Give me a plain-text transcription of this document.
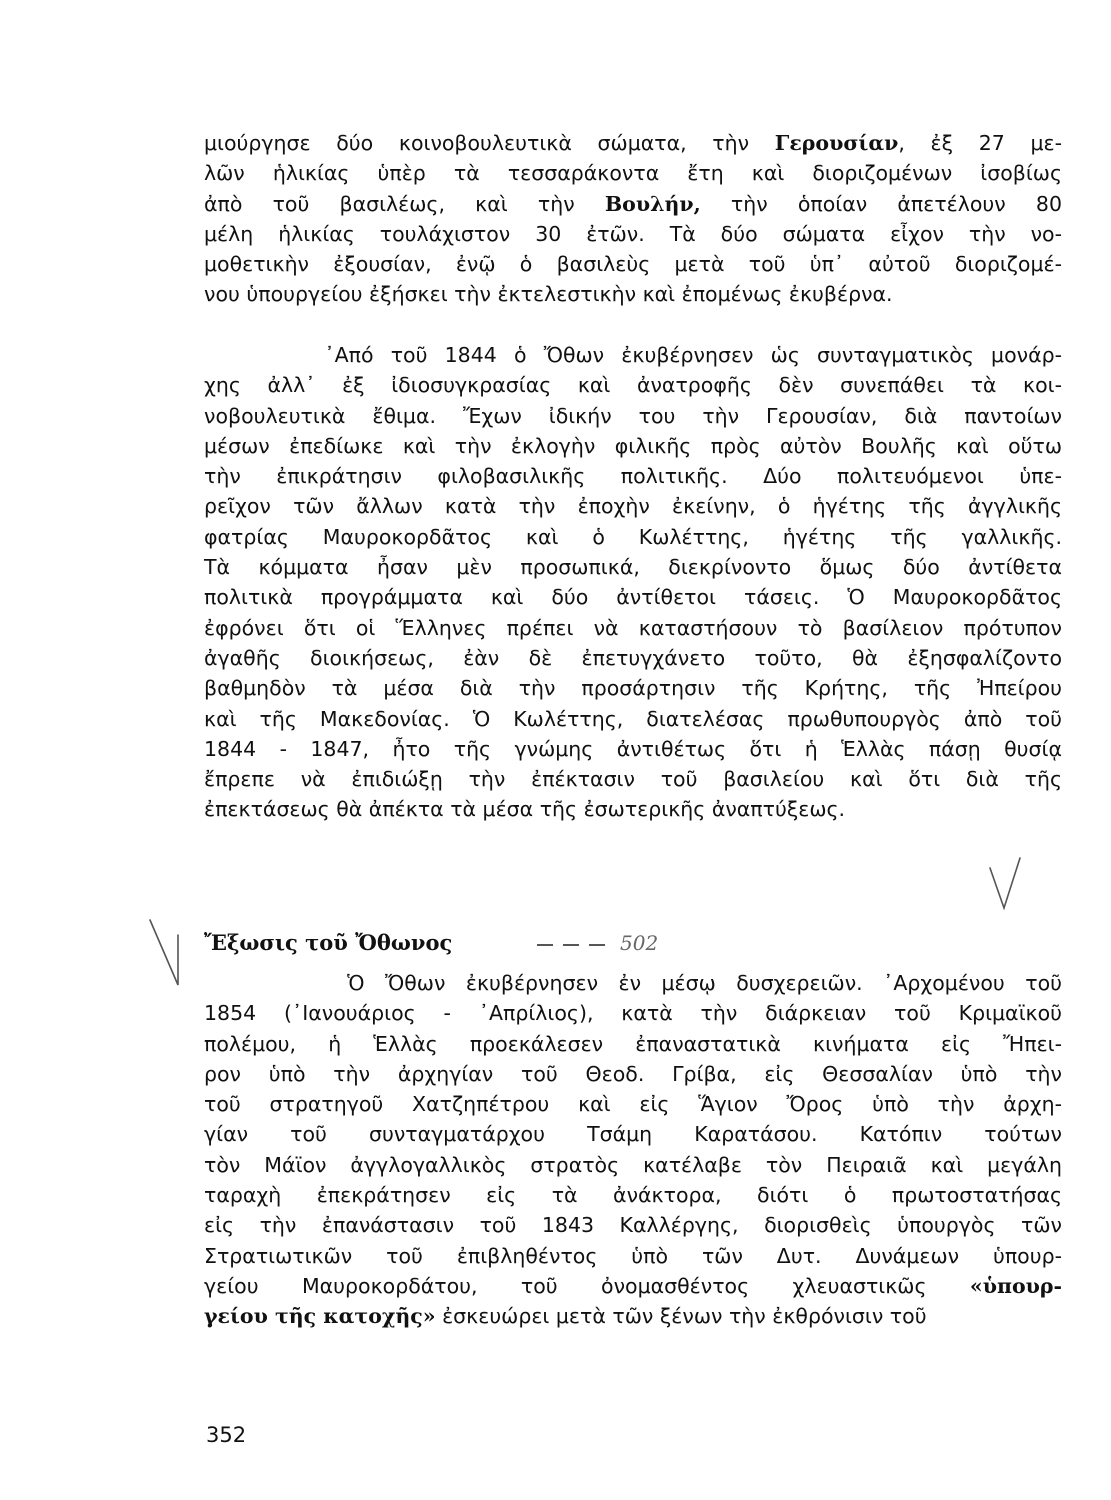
μιούργησε δύο κοινοβουλευτικὰ σώματα, τὴν Γερουσίαν, ἐξ 27 με-
λῶν ἡλικίας ὑπὲρ τὰ τεσσαράκοντα ἔτη καὶ διοριζομένων ἰσοβίως
ἀπὸ τοῦ βασιλέως, καὶ τὴν Βουλήν, τὴν ὁποίαν ἀπετέλουν 80
μέλη ἡλικίας τουλάχιστον 30 ἐτῶν. Τὰ δύο σώματα εἶχον τὴν νο-
μοθετικὴν ἐξουσίαν, ἐνῷ ὁ βασιλεὺς μετὰ τοῦ ὑπ᾽ αὐτοῦ διοριζομέ-
νου ὑπουργείου ἐξήσκει τὴν ἐκτελεστικὴν καὶ ἐπομένως ἐκυβέρνα.
᾽Από τοῦ 1844 ὁ Ὄθων ἐκυβέρνησεν ὡς συνταγματικὸς μονάρ-
χης ἀλλ᾽ ἐξ ἰδιοσυγκρασίας καὶ ἀνατροφῆς δὲν συνεπάθει τὰ κοι-
νοβουλευτικὰ ἔθιμα. Ἔχων ἰδικήν του τὴν Γερουσίαν, διὰ παντοίων
μέσων ἐπεδίωκε καὶ τὴν ἐκλογὴν φιλικῆς πρὸς αὐτὸν Βουλῆς καὶ οὕτω
τὴν ἐπικράτησιν φιλοβασιλικῆς πολιτικῆς. Δύο πολιτευόμενοι ὑπε-
ρεῖχον τῶν ἄλλων κατὰ τὴν ἐποχὴν ἐκείνην, ὁ ἡγέτης τῆς ἀγγλικῆς
φατρίας Μαυροκορδᾶτος καὶ ὁ Κωλέττης, ἡγέτης τῆς γαλλικῆς.
Τὰ κόμματα ἦσαν μὲν προσωπικά, διεκρίνοντο ὅμως δύο ἀντίθετα
πολιτικὰ προγράμματα καὶ δύο ἀντίθετοι τάσεις. Ὁ Μαυροκορδᾶτος
ἐφρόνει ὅτι οἱ Ἕλληνες πρέπει νὰ καταστήσουν τὸ βασίλειον πρότυπον
ἀγαθῆς διοικήσεως, ἐὰν δὲ ἐπετυγχάνετο τοῦτο, θὰ ἐξησφαλίζοντο
βαθμηδὸν τὰ μέσα διὰ τὴν προσάρτησιν τῆς Κρήτης, τῆς Ἠπείρου
καὶ τῆς Μακεδονίας. Ὁ Κωλέττης, διατελέσας πρωθυπουργὸς ἀπὸ τοῦ
1844 - 1847, ἦτο τῆς γνώμης ἀντιθέτως ὅτι ἡ Ἑλλὰς πάσῃ θυσίᾳ
ἔπρεπε νὰ ἐπιδιώξῃ τὴν ἐπέκτασιν τοῦ βασιλείου καὶ ὅτι διὰ τῆς
ἐπεκτάσεως θὰ ἀπέκτα τὰ μέσα τῆς ἐσωτερικῆς ἀναπτύξεως.
Ἔξωσις τοῦ Ὄθωνος
Ὁ Ὄθων ἐκυβέρνησεν ἐν μέσῳ δυσχερειῶν. ᾽Αρχομένου τοῦ
1854 (᾽Ιανουάριος - ᾽Απρίλιος), κατὰ τὴν διάρκειαν τοῦ Κριμαϊκοῦ
πολέμου, ἡ Ἑλλὰς προεκάλεσεν ἐπαναστατικὰ κινήματα εἰς Ἤπει-
ρον ὑπὸ τὴν ἀρχηγίαν τοῦ Θεοδ. Γρίβα, εἰς Θεσσαλίαν ὑπὸ τὴν
τοῦ στρατηγοῦ Χατζηπέτρου καὶ εἰς Ἅγιον Ὄρος ὑπὸ τὴν ἀρχη-
γίαν τοῦ συνταγματάρχου Τσάμη Καρατάσου. Κατόπιν τούτων
τὸν Μάϊον ἀγγλογαλλικὸς στρατὸς κατέλαβε τὸν Πειραιᾶ καὶ μεγάλη
ταραχὴ ἐπεκράτησεν εἰς τὰ ἀνάκτορα, διότι ὁ πρωτοστατήσας
εἰς τὴν ἐπανάστασιν τοῦ 1843 Καλλέργης, διορισθεὶς ὑπουργὸς τῶν
Στρατιωτικῶν τοῦ ἐπιβληθέντος ὑπὸ τῶν Δυτ. Δυνάμεων ὑπουρ-
γείου Μαυροκορδάτου, τοῦ ὀνομασθέντος χλευαστικῶς «ὑπουρ-
γείου τῆς κατοχῆς» ἐσκευώρει μετὰ τῶν ξένων τὴν ἐκθρόνισιν τοῦ
352
502
